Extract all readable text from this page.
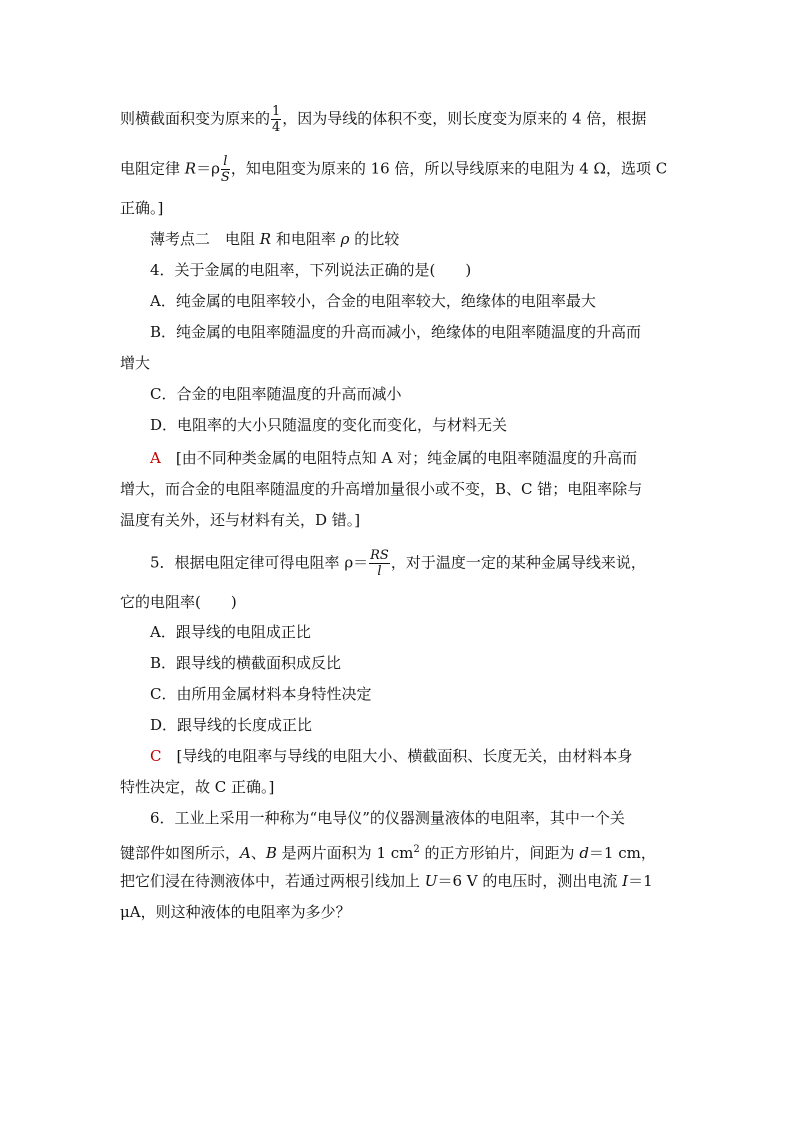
则横截面积变为原来的 $\frac{1}{4}$ ，因为导线的体积不变，则长度变为原来的 4 倍，根据
电阻定律 $R=\rho \frac{l}{S}$ ，知电阻变为原来的 16 倍，所以导线原来的电阻为 4 Ω，选项 C
正确。]
⁠薄考点二　电阻 R 和电阻率 ρ 的比较
4．关于金属的电阻率，下列说法正确的是(　　)
A．纯金属的电阻率较小，合金的电阻率较大，绝缘体的电阻率最大
B．纯金属的电阻率随温度的升高而减小，绝缘体的电阻率随温度的升高而
增大
C．合金的电阻率随温度的升高而减小
D．电阻率的大小只随温度的变化而变化，与材料无关
A　[由不同种类金属的电阻特点知 A 对；纯金属的电阻率随温度的升高而
增大，而合金的电阻率随温度的升高增加量很小或不变，B、C 错；电阻率除与
温度有关外，还与材料有关，D 错。]
5．根据电阻定律可得电阻率 $\rho= \frac{RS}{l}$ ，对于温度一定的某种金属导线来说，
它的电阻率(　　)
A．跟导线的电阻成正比
B．跟导线的横截面积成反比
C．由所用金属材料本身特性决定
D．跟导线的长度成正比
C　[导线的电阻率与导线的电阻大小、横截面积、长度无关，由材料本身
特性决定，故 C 正确。]
6．工业上采用一种称为“电导仪”的仪器测量液体的电阻率，其中一个关
键部件如图所示，A、B 是两片面积为 1 $cm^2$ 的正方形铂片，间距为 d＝1 cm，
把它们浸在待测液体中，若通过两根引线加上 U＝6 V 的电压时，测出电流 I＝1
μA，则这种液体的电阻率为多少？
